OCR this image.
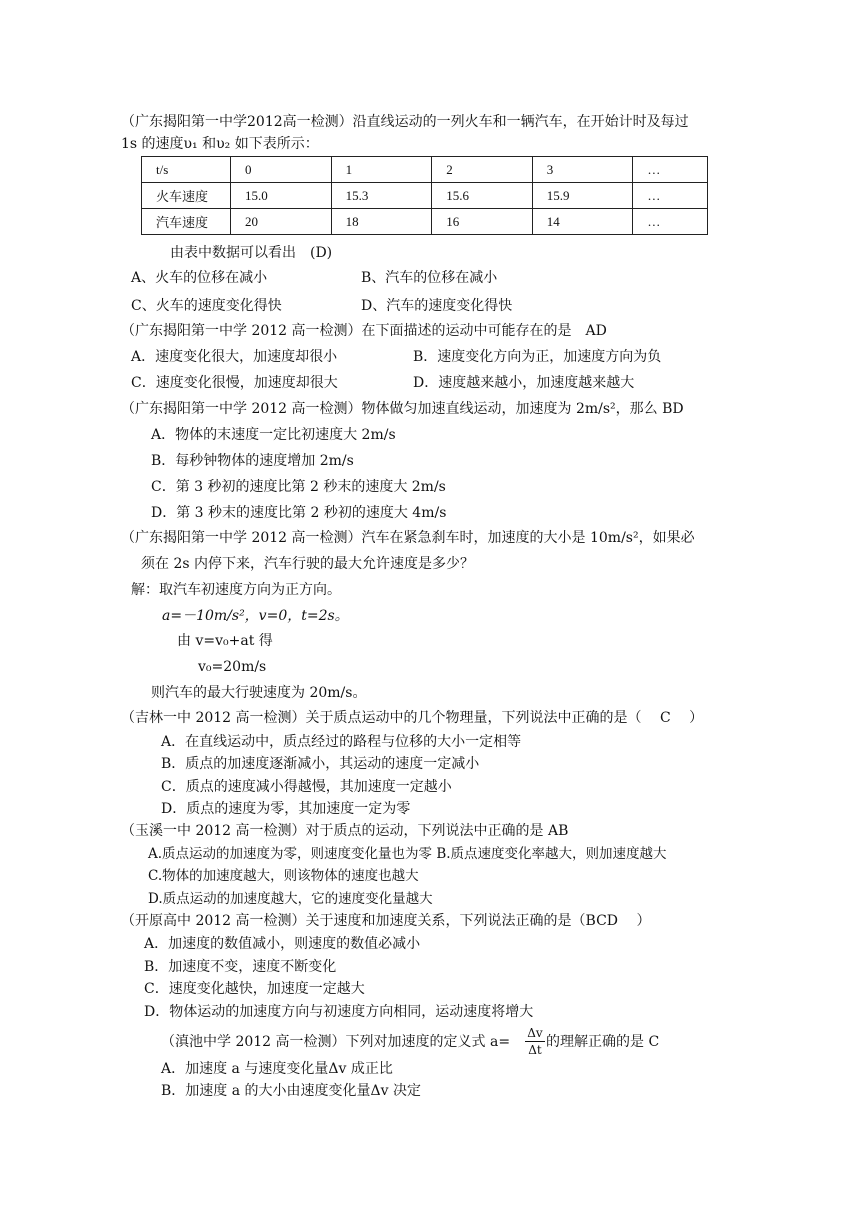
（广东揭阳第一中学2012高一检测）沿直线运动的一列火车和一辆汽车，在开始计时及每过
1s 的速度υ₁ 和υ₂ 如下表所示：
t/s	0	1	2	3	…
火车速度	15.0	15.3	15.6	15.9	…
汽车速度	20	18	16	14	…
由表中数据可以看出　(D)
A、火车的位移在减小	B、汽车的位移在减小
C、火车的速度变化得快	D、汽车的速度变化得快
（广东揭阳第一中学 2012 高一检测）在下面描述的运动中可能存在的是　AD
A．速度变化很大，加速度却很小	B．速度变化方向为正，加速度方向为负
C．速度变化很慢，加速度却很大	D．速度越来越小，加速度越来越大
（广东揭阳第一中学 2012 高一检测）物体做匀加速直线运动，加速度为 2m/s²，那么 BD
A．物体的末速度一定比初速度大 2m/s
B．每秒钟物体的速度增加 2m/s
C．第 3 秒初的速度比第 2 秒末的速度大 2m/s
D．第 3 秒末的速度比第 2 秒初的速度大 4m/s
（广东揭阳第一中学 2012 高一检测）汽车在紧急刹车时，加速度的大小是 10m/s²，如果必
须在 2s 内停下来，汽车行驶的最大允许速度是多少？
解：取汽车初速度方向为正方向。
a=－10m/s²，v=0，t=2s。
由 v=v₀+at 得
v₀=20m/s
则汽车的最大行驶速度为 20m/s。
（吉林一中 2012 高一检测）关于质点运动中的几个物理量，下列说法中正确的是（　 C　 ）
A．在直线运动中，质点经过的路程与位移的大小一定相等
B．质点的加速度逐渐减小，其运动的速度一定减小
C．质点的速度减小得越慢，其加速度一定越小
D．质点的速度为零，其加速度一定为零
（玉溪一中 2012 高一检测）对于质点的运动，下列说法中正确的是 AB
A.质点运动的加速度为零，则速度变化量也为零 B.质点速度变化率越大，则加速度越大
C.物体的加速度越大，则该物体的速度也越大
D.质点运动的加速度越大，它的速度变化量越大
（开原高中 2012 高一检测）关于速度和加速度关系，下列说法正确的是（BCD　 ）
A．加速度的数值减小，则速度的数值必减小
B．加速度不变，速度不断变化
C．速度变化越快，加速度一定越大
D．物体运动的加速度方向与初速度方向相同，运动速度将增大
（滇池中学 2012 高一检测）下列对加速度的定义式 a=
Δv
Δt 的理解正确的是 C
A．加速度 a 与速度变化量Δv 成正比
B．加速度 a 的大小由速度变化量Δv 决定
